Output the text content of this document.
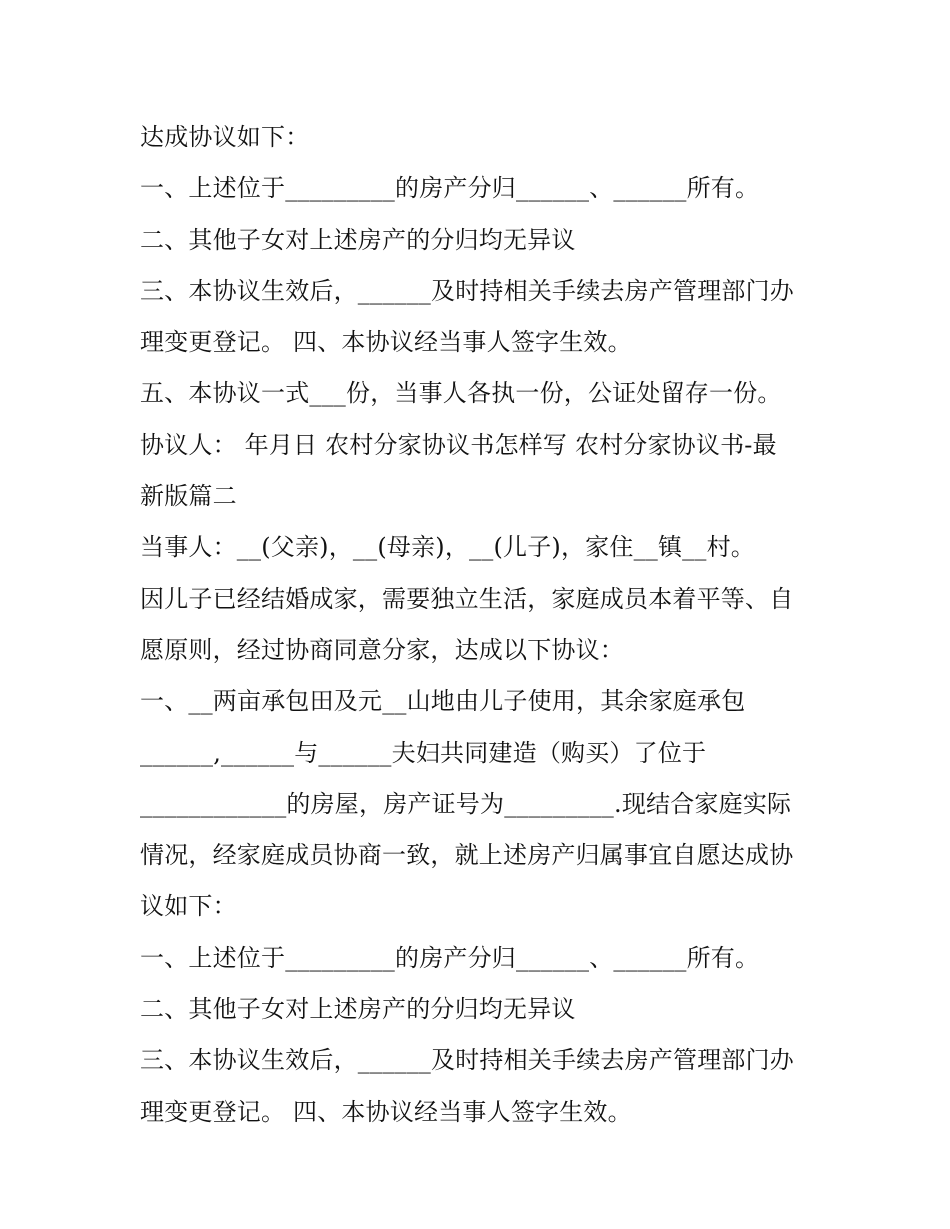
达成协议如下：
一、上述位于_________的房产分归______、______所有。
二、其他子女对上述房产的分归均无异议
三、本协议生效后，______及时持相关手续去房产管理部门办
理变更登记。 四、本协议经当事人签字生效。
五、本协议一式___份，当事人各执一份，公证处留存一份。
协议人： 年月日 农村分家协议书怎样写 农村分家协议书-最
新版篇二
当事人：__(父亲)，__(母亲)，__(儿子)，家住__镇__村。
因儿子已经结婚成家，需要独立生活，家庭成员本着平等、自
愿原则，经过协商同意分家，达成以下协议：
一、__两亩承包田及元__山地由儿子使用，其余家庭承包
______,______与______夫妇共同建造（购买）了位于
____________的房屋，房产证号为_________.现结合家庭实际
情况，经家庭成员协商一致，就上述房产归属事宜自愿达成协
议如下：
一、上述位于_________的房产分归______、______所有。
二、其他子女对上述房产的分归均无异议
三、本协议生效后，______及时持相关手续去房产管理部门办
理变更登记。 四、本协议经当事人签字生效。
